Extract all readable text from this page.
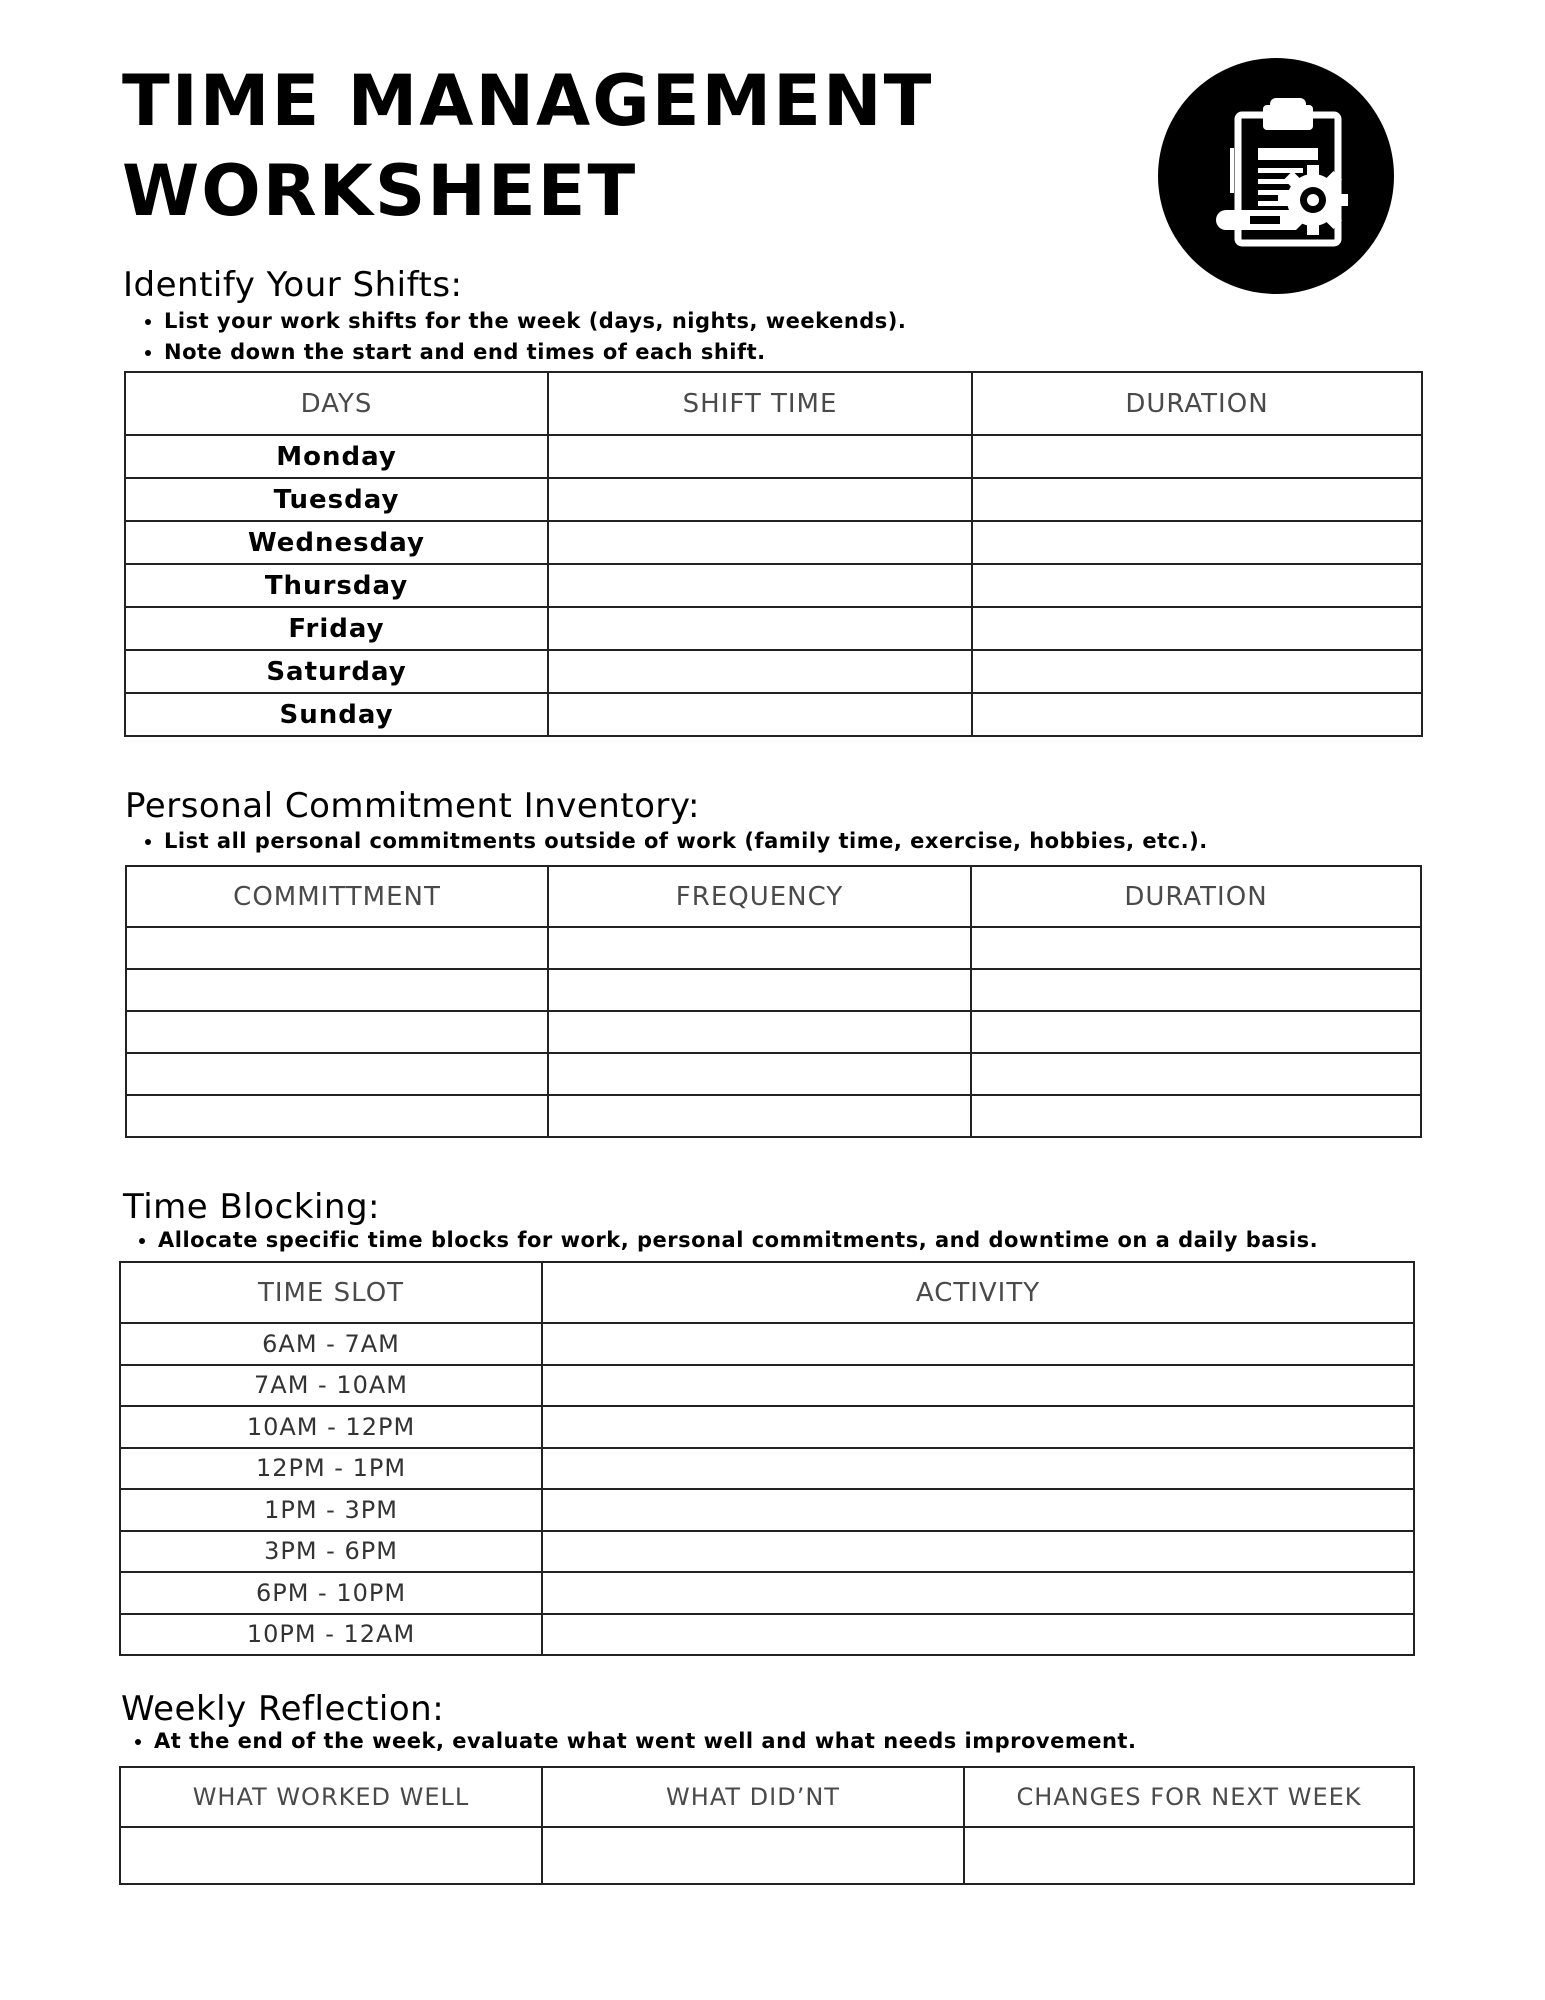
TIME MANAGEMENT
WORKSHEET
Identify Your Shifts:
• List your work shifts for the week (days, nights, weekends).
• Note down the start and end times of each shift.
DAYS	SHIFT TIME	DURATION
Monday		
Tuesday		
Wednesday		
Thursday		
Friday		
Saturday		
Sunday		
Personal Commitment Inventory:
• List all personal commitments outside of work (family time, exercise, hobbies, etc.).
COMMITTMENT	FREQUENCY	DURATION

Time Blocking:
• Allocate specific time blocks for work, personal commitments, and downtime on a daily basis.
TIME SLOT	ACTIVITY
6AM - 7AM	
7AM - 10AM	
10AM - 12PM	
12PM - 1PM	
1PM - 3PM	
3PM - 6PM	
6PM - 10PM	
10PM - 12AM	
Weekly Reflection:
• At the end of the week, evaluate what went well and what needs improvement.
WHAT WORKED WELL	WHAT DID’NT	CHANGES FOR NEXT WEEK
